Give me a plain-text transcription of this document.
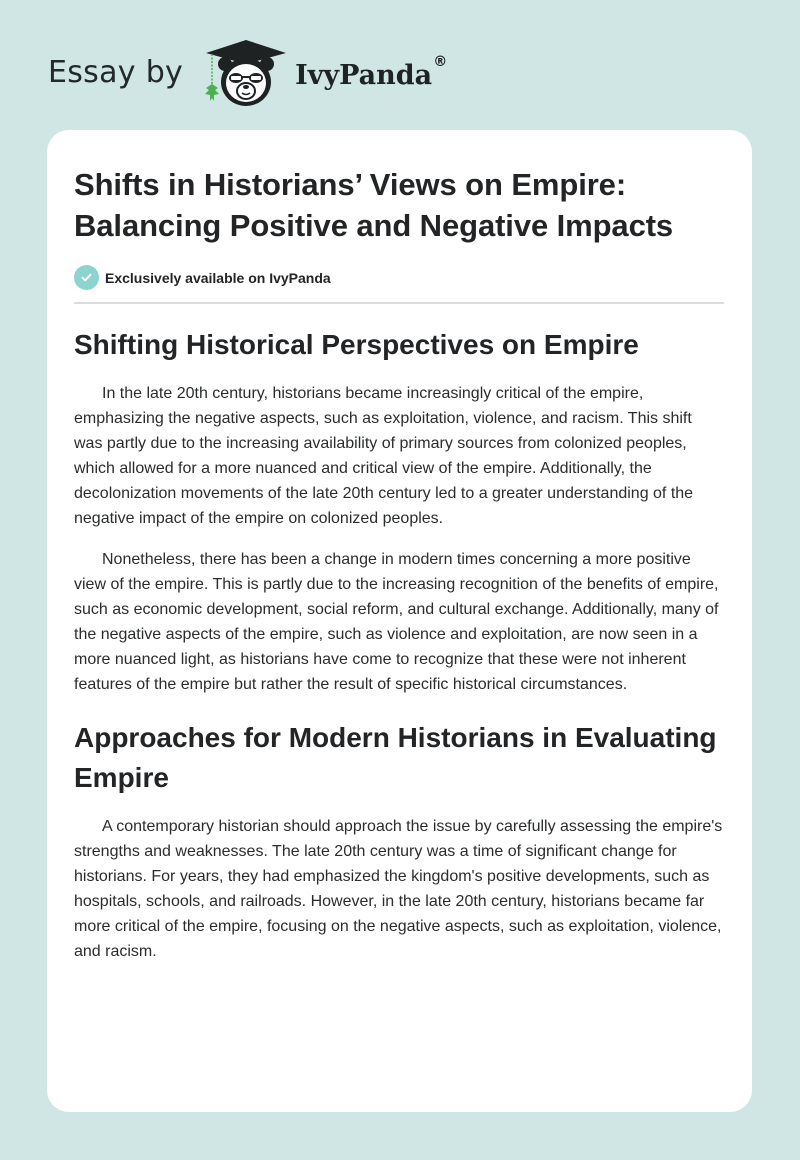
Essay by	IvyPanda®
Shifts in Historians’ Views on Empire: Balancing Positive and Negative Impacts
Exclusively available on IvyPanda
Shifting Historical Perspectives on Empire

In the late 20th century, historians became increasingly critical of the empire, emphasizing the negative aspects, such as exploitation, violence, and racism. This shift was partly due to the increasing availability of primary sources from colonized peoples, which allowed for a more nuanced and critical view of the empire. Additionally, the decolonization movements of the late 20th century led to a greater understanding of the negative impact of the empire on colonized peoples.

Nonetheless, there has been a change in modern times concerning a more positive view of the empire. This is partly due to the increasing recognition of the benefits of empire, such as economic development, social reform, and cultural exchange. Additionally, many of the negative aspects of the empire, such as violence and exploitation, are now seen in a more nuanced light, as historians have come to recognize that these were not inherent features of the empire but rather the result of specific historical circumstances.

Approaches for Modern Historians in Evaluating Empire

A contemporary historian should approach the issue by carefully assessing the empire's strengths and weaknesses. The late 20th century was a time of significant change for historians. For years, they had emphasized the kingdom's positive developments, such as hospitals, schools, and railroads. However, in the late 20th century, historians became far more critical of the empire, focusing on the negative aspects, such as exploitation, violence, and racism.
